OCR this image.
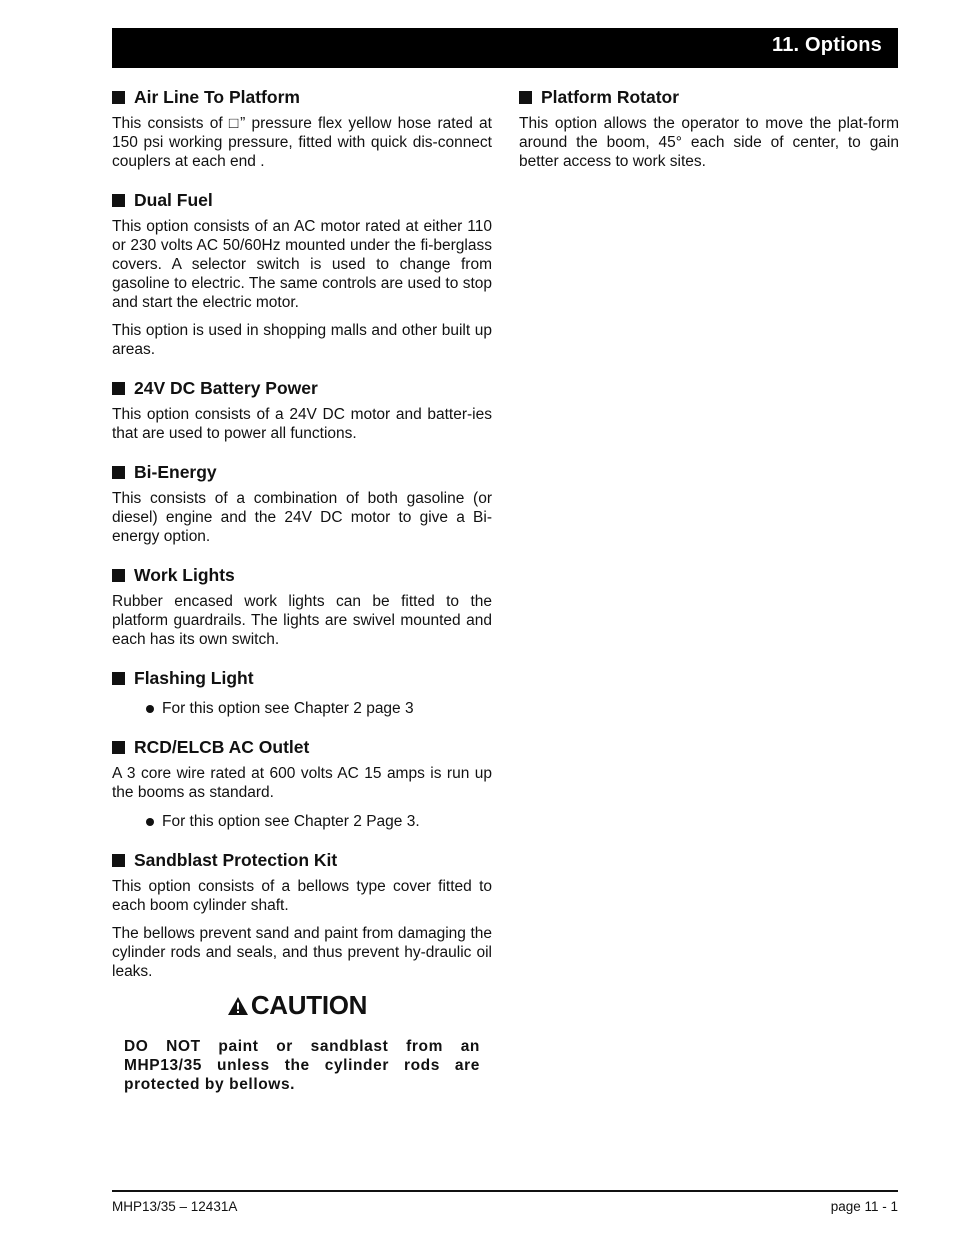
11. Options
Air Line To Platform

This consists of □” pressure flex yellow hose rated at 150 psi working pressure, fitted with quick dis-connect couplers at each end .

Dual Fuel

This option consists of an AC motor rated at either 110 or 230 volts AC 50/60Hz mounted under the fi-berglass covers. A selector switch is used to change from gasoline to electric. The same controls are used to stop and start the electric motor.

This option is used in shopping malls and other built up areas.

24V DC Battery Power

This option consists of a 24V DC motor and batter-ies that are used to power all functions.

Bi-Energy

This consists of a combination of both gasoline (or diesel) engine and the 24V DC motor to give a Bi-energy option.

Work Lights

Rubber encased work lights can be fitted to the platform guardrails. The lights are swivel mounted and each has its own switch.

Flashing Light
For this option see Chapter 2 page 3
RCD/ELCB AC Outlet

A 3 core wire rated at 600 volts AC 15 amps is run up the booms as standard.

For this option see Chapter 2 Page 3.
Sandblast Protection Kit

This option consists of a bellows type cover fitted to each boom cylinder shaft.

The bellows prevent sand and paint from damaging the cylinder rods and seals, and thus prevent hy-draulic oil leaks.

CAUTION

DO NOT paint or sandblast from an MHP13/35 unless the cylinder rods are protected by bellows.

Platform Rotator

This option allows the operator to move the plat-form around the boom, 45° each side of center, to gain better access to work sites.

MHP13/35 – 12431A	page 11 - 1
